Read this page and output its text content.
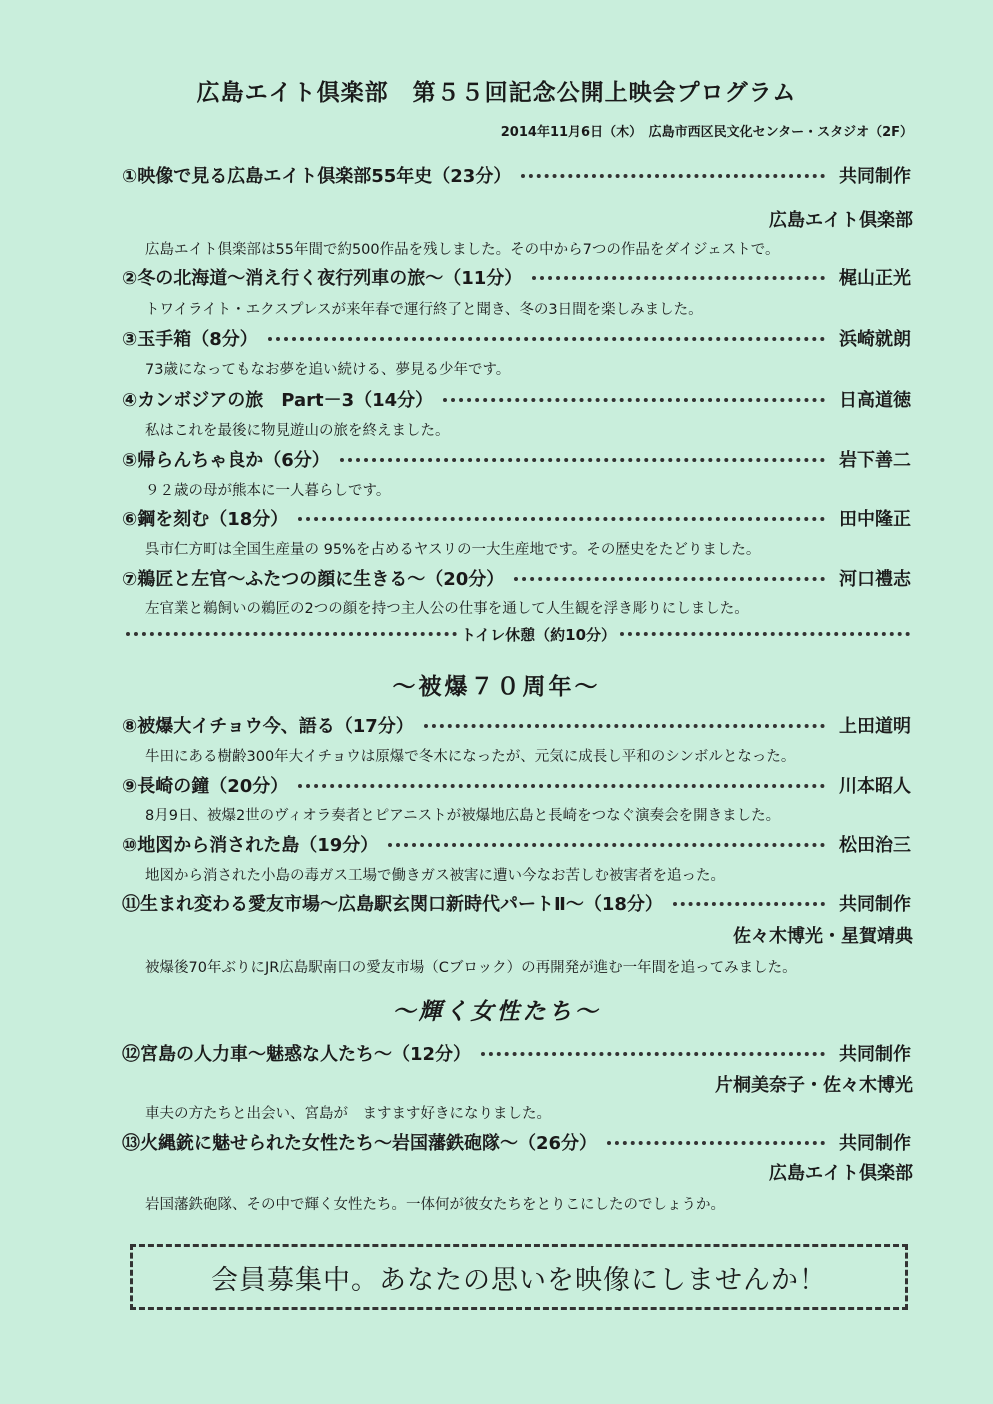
広島エイト倶楽部　第５５回記念公開上映会プログラム
2014年11月6日（木）　広島市西区民文化センター・スタジオ（2F）
①映像で見る広島エイト倶楽部55年史（23分）	共同制作
広島エイト倶楽部
広島エイト倶楽部は55年間で約500作品を残しました。その中から7つの作品をダイジェストで。
②冬の北海道～消え行く夜行列車の旅～（11分）	梶山正光
トワイライト・エクスプレスが来年春で運行終了と聞き、冬の3日間を楽しみました。
③玉手箱（8分）	浜崎就朗
73歳になってもなお夢を追い続ける、夢見る少年です。
④カンボジアの旅　Part－3（14分）	日高道徳
私はこれを最後に物見遊山の旅を終えました。
⑤帰らんちゃ良か（6分）	岩下善二
９２歳の母が熊本に一人暮らしです。
⑥鋼を刻む（18分）	田中隆正
呉市仁方町は全国生産量の 95%を占めるヤスリの一大生産地です。その歴史をたどりました。
⑦鵜匠と左官～ふたつの顔に生きる～（20分）	河口禮志
左官業と鵜飼いの鵜匠の2つの顔を持つ主人公の仕事を通して人生観を浮き彫りにしました。
トイレ休憩（約10分）
～被爆７０周年～
⑧被爆大イチョウ今、語る（17分）	上田道明
牛田にある樹齢300年大イチョウは原爆で冬木になったが、元気に成長し平和のシンボルとなった。
⑨長崎の鐘（20分）	川本昭人
8月9日、被爆2世のヴィオラ奏者とピアニストが被爆地広島と長崎をつなぐ演奏会を開きました。
⑩地図から消された島（19分）	松田治三
地図から消された小島の毒ガス工場で働きガス被害に遭い今なお苦しむ被害者を追った。
⑪生まれ変わる愛友市場～広島駅玄関口新時代パートⅡ～（18分）	共同制作
佐々木博光・星賀靖典
被爆後70年ぶりにJR広島駅南口の愛友市場（Cブロック）の再開発が進む一年間を追ってみました。
～輝く女性たち～
⑫宮島の人力車～魅惑な人たち～（12分）	共同制作
片桐美奈子・佐々木博光
車夫の方たちと出会い、宮島が　ますます好きになりました。
⑬火縄銃に魅せられた女性たち～岩国藩鉄砲隊～（26分）	共同制作
広島エイト倶楽部
岩国藩鉄砲隊、その中で輝く女性たち。一体何が彼女たちをとりこにしたのでしょうか。
会員募集中。あなたの思いを映像にしませんか！
